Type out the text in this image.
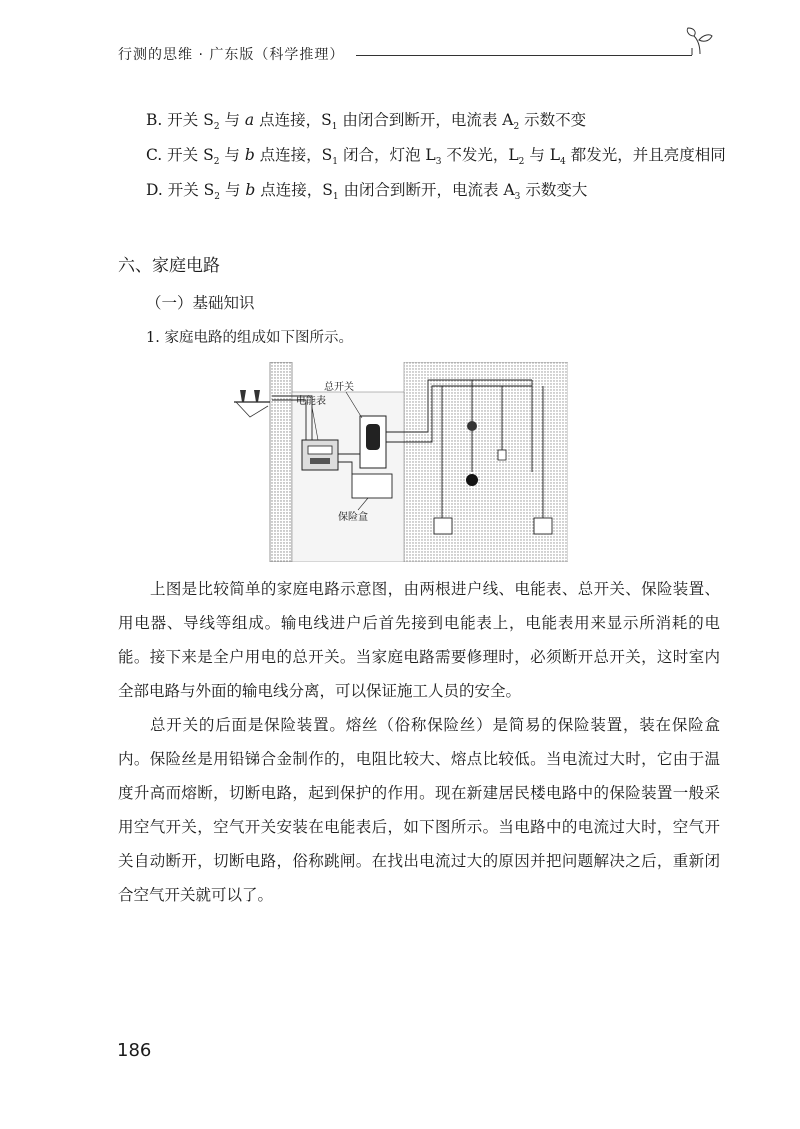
行测的思维 · 广东版（科学推理）
B. 开关 $S_2$ 与 a 点连接，$S_1$ 由闭合到断开，电流表 $A_2$ 示数不变
C. 开关 $S_2$ 与 b 点连接，$S_1$ 闭合，灯泡 $L_3$ 不发光，$L_2$ 与 $L_4$ 都发光，并且亮度相同
D. 开关 $S_2$ 与 b 点连接，$S_1$ 由闭合到断开，电流表 $A_3$ 示数变大
六、家庭电路
（一）基础知识
1. 家庭电路的组成如下图所示。
总开关
电能表
保险盒
上图是比较简单的家庭电路示意图，由两根进户线、电能表、总开关、保险装置、用电器、导线等组成。输电线进户后首先接到电能表上，电能表用来显示所消耗的电能。接下来是全户用电的总开关。当家庭电路需要修理时，必须断开总开关，这时室内全部电路与外面的输电线分离，可以保证施工人员的安全。
总开关的后面是保险装置。熔丝（俗称保险丝）是简易的保险装置，装在保险盒内。保险丝是用铅锑合金制作的，电阻比较大、熔点比较低。当电流过大时，它由于温度升高而熔断，切断电路，起到保护的作用。现在新建居民楼电路中的保险装置一般采用空气开关，空气开关安装在电能表后，如下图所示。当电路中的电流过大时，空气开关自动断开，切断电路，俗称跳闸。在找出电流过大的原因并把问题解决之后，重新闭合空气开关就可以了。
186
